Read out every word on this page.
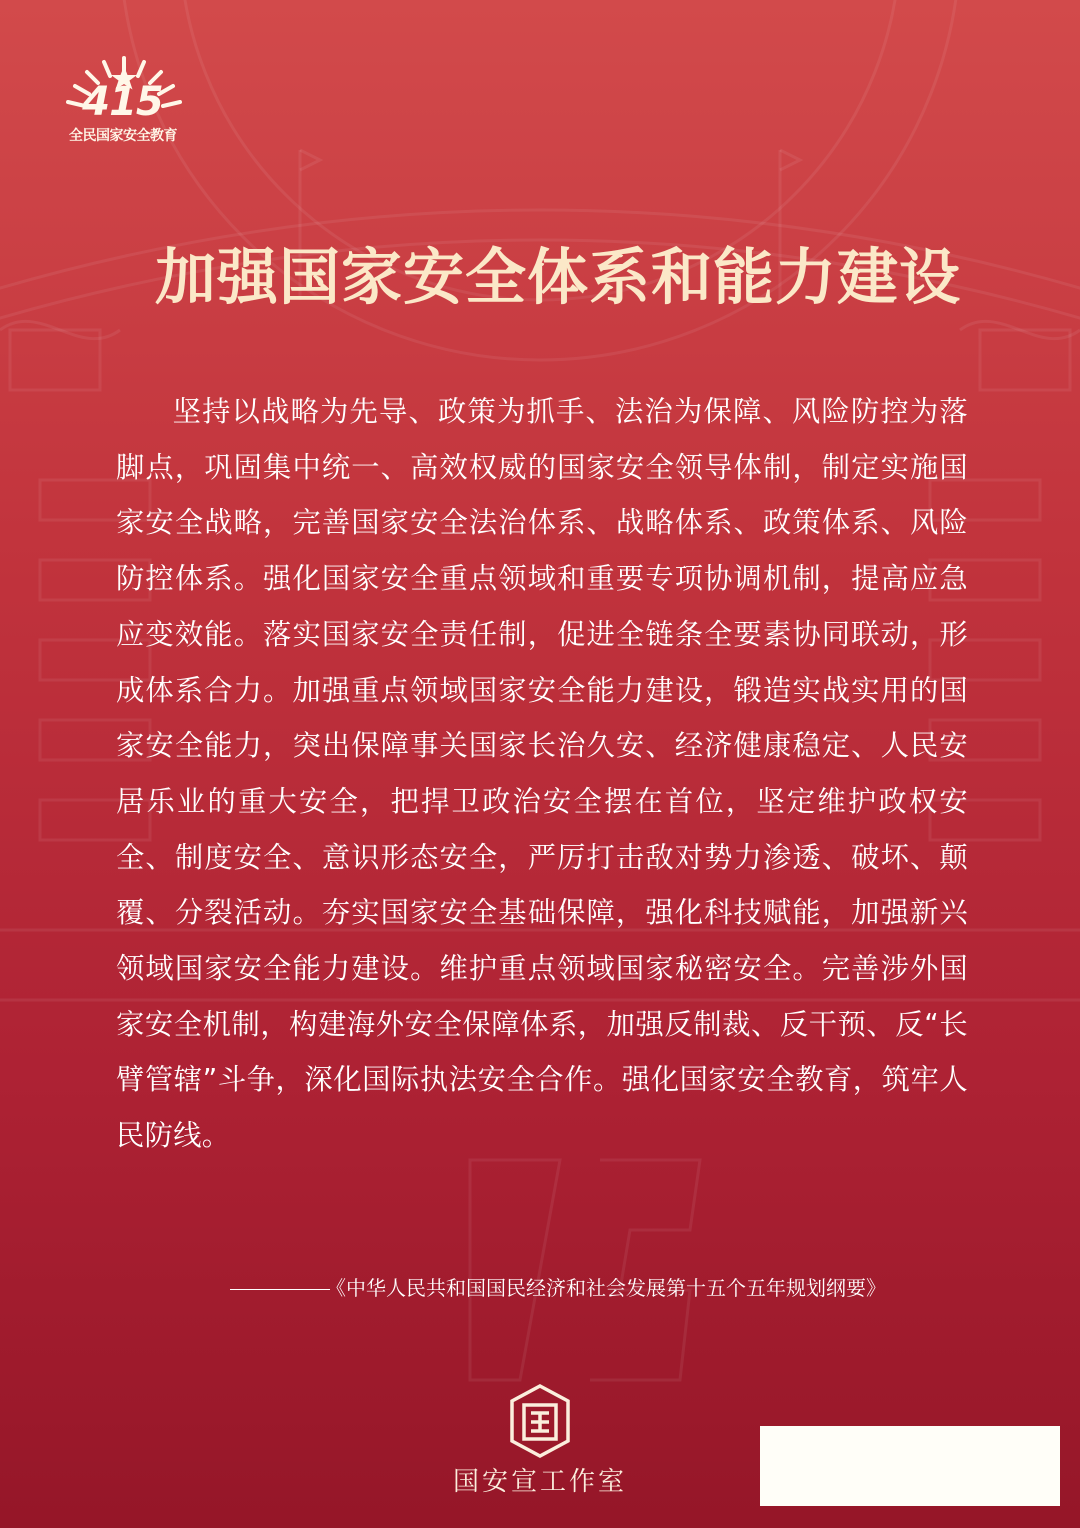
415
全民国家安全教育
加强国家安全体系和能力建设

坚持以战略为先导、政策为抓手、法治为保障、风险防控为落脚点，巩固集中统一、高效权威的国家安全领导体制，制定实施国家安全战略，完善国家安全法治体系、战略体系、政策体系、风险防控体系。强化国家安全重点领域和重要专项协调机制，提高应急应变效能。落实国家安全责任制，促进全链条全要素协同联动，形成体系合力。加强重点领域国家安全能力建设，锻造实战实用的国家安全能力，突出保障事关国家长治久安、经济健康稳定、人民安居乐业的重大安全，把捍卫政治安全摆在首位，坚定维护政权安全、制度安全、意识形态安全，严厉打击敌对势力渗透、破坏、颠覆、分裂活动。夯实国家安全基础保障，强化科技赋能，加强新兴领域国家安全能力建设。维护重点领域国家秘密安全。完善涉外国家安全机制，构建海外安全保障体系，加强反制裁、反干预、反“长臂管辖”斗争，深化国际执法安全合作。强化国家安全教育，筑牢人民防线。

《中华人民共和国国民经济和社会发展第十五个五年规划纲要》
国安宣工作室
